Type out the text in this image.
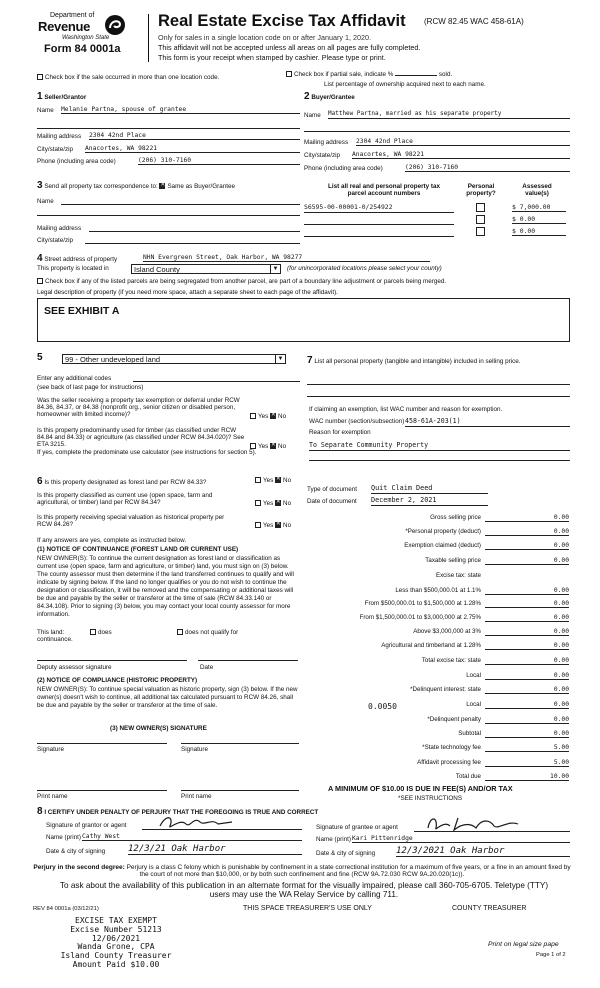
Department of
Revenue
Washington State
Form 84 0001a
Real Estate Excise Tax Affidavit (RCW 82.45 WAC 458-61A)
Only for sales in a single location code on or after January 1, 2020.
This affidavit will not be accepted unless all areas on all pages are fully completed.
This form is your receipt when stamped by cashier. Please type or print.
Check box if the sale occurred in more than one location code.	Check box if partial sale, indicate %	sold.
List percentage of ownership acquired next to each name.
1 Seller/Grantor
Name Melanie Partna, spouse of grantee
Mailing address 2304 42nd Place
City/state/zip Anacortes, WA 98221
Phone (including area code)	(206) 310-7160
2 Buyer/Grantee
Name Matthew Partna, married as his separate property
Mailing address 2304 42nd Place
City/state/zip Anacortes, WA 98221
Phone (including area code)	(206) 310-7160
3 Send all property tax correspondence to: ✕ Same as Buyer/Grantee
Name
Mailing address
City/state/zip
List all real and personal property tax
parcel account numbers
Personal
property?
Assessed
value(s)
S6595-00-00001-0/254922	$ 7,000.00
$ 0.00
$ 0.00
4 Street address of property	NHN Evergreen Street, Oak Harbor, WA 98277
This property is located in	Island County	▼ (for unincorporated locations please select your county)
Check box if any of the listed parcels are being segregated from another parcel, are part of a boundary line adjustment or parcels being merged.
Legal description of property (if you need more space, attach a separate sheet to each page of the affidavit).
SEE EXHIBIT A
5	99 - Other undeveloped land	▼
Enter any additional codes
(see back of last page for instructions)
Was the seller receiving a property tax exemption or deferral under RCW 84.36, 84.37, or 84.38 (nonprofit org., senior citizen or disabled person, homeowner with limited income)?	Yes ✕ No
Is this property predominantly used for timber (as classified under RCW 84.84 and 84.33) or agriculture (as classified under RCW 84.34.020)? See ETA 3215.	Yes ✕ No
If yes, complete the predominate use calculator (see instructions for section 5).
6 Is this property designated as forest land per RCW 84.33?	Yes ✕ No
Is this property classified as current use (open space, farm and agricultural, or timber) land per RCW 84.34?	Yes ✕ No
Is this property receiving special valuation as historical property per RCW 84.26?	Yes ✕ No
If any answers are yes, complete as instructed below.
(1) NOTICE OF CONTINUANCE (FOREST LAND OR CURRENT USE)
NEW OWNER(S): To continue the current designation as forest land or classification as current use (open space, farm and agriculture, or timber) land, you must sign on (3) below. The county assessor must then determine if the land transferred continues to qualify and will indicate by signing below. If the land no longer qualifies or you do not wish to continue the designation or classification, it will be removed and the compensating or additional taxes will be due and payable by the seller or transferor at the time of sale (RCW 84.33.140 or 84.34.108). Prior to signing (3) below, you may contact your local county assessor for more information.
This land:	does	does not qualify for
continuance.
Deputy assessor signature	Date
(2) NOTICE OF COMPLIANCE (HISTORIC PROPERTY)
NEW OWNER(S): To continue special valuation as historic property, sign (3) below. If the new owner(s) doesn't wish to continue, all additional tax calculated pursuant to RCW 84.26, shall be due and payable by the seller or transferor at the time of sale.
(3) NEW OWNER(S) SIGNATURE
Signature	Signature
Print name	Print name
7 List all personal property (tangible and intangible) included in selling price.
If claiming an exemption, list WAC number and reason for exemption.
WAC number (section/subsection) 458-61A-203(1)
Reason for exemption
To Separate Community Property
Type of document Quit Claim Deed
Date of document December 2, 2021
Gross selling price	0.00
*Personal property (deduct)	0.00
Exemption claimed (deduct)	0.00
Taxable selling price	0.00
Excise tax: state
Less than $500,000.01 at 1.1%	0.00
From $500,000.01 to $1,500,000 at 1.28%	0.00
From $1,500,000.01 to $3,000,000 at 2.75%	0.00
Above $3,000,000 at 3%	0.00
Agricultural and timberland at 1.28%	0.00
Total excise tax: state	0.00
Local	0.00
*Delinquent interest: state	0.00
Local	0.00
*Delinquent penalty	0.00
Subtotal	0.00
*State technology fee	5.00
Affidavit processing fee	5.00
Total due	10.00
0.0050
A MINIMUM OF $10.00 IS DUE IN FEE(S) AND/OR TAX
*SEE INSTRUCTIONS
8 I CERTIFY UNDER PENALTY OF PERJURY THAT THE FOREGOING IS TRUE AND CORRECT
Signature of grantor or agent
Name (print) Cathy West
Date & city of signing	12/3/21 Oak Harbor
Signature of grantee or agent
Name (print) Kari Pittenridge
Date & city of signing 12/3/2021 Oak Harbor
Perjury in the second degree: Perjury is a class C felony which is punishable by confinement in a state correctional institution for a maximum of five years, or a fine in an amount fixed by the court of not more than $10,000, or by both such confinement and fine (RCW 9A.72.030 RCW 9A.20.020(1c)).
To ask about the availability of this publication in an alternate format for the visually impaired, please call 360-705-6705. Teletype (TTY) users may use the WA Relay Service by calling 711.
REV 84 0001a (03/12/21)	THIS SPACE TREASURER'S USE ONLY	COUNTY TREASURER
EXCISE TAX EXEMPT
Excise Number 51213
12/06/2021
Wanda Grone, CPA
Island County Treasurer
Amount Paid $10.00
Print on legal size pape
Page 1 of 2
